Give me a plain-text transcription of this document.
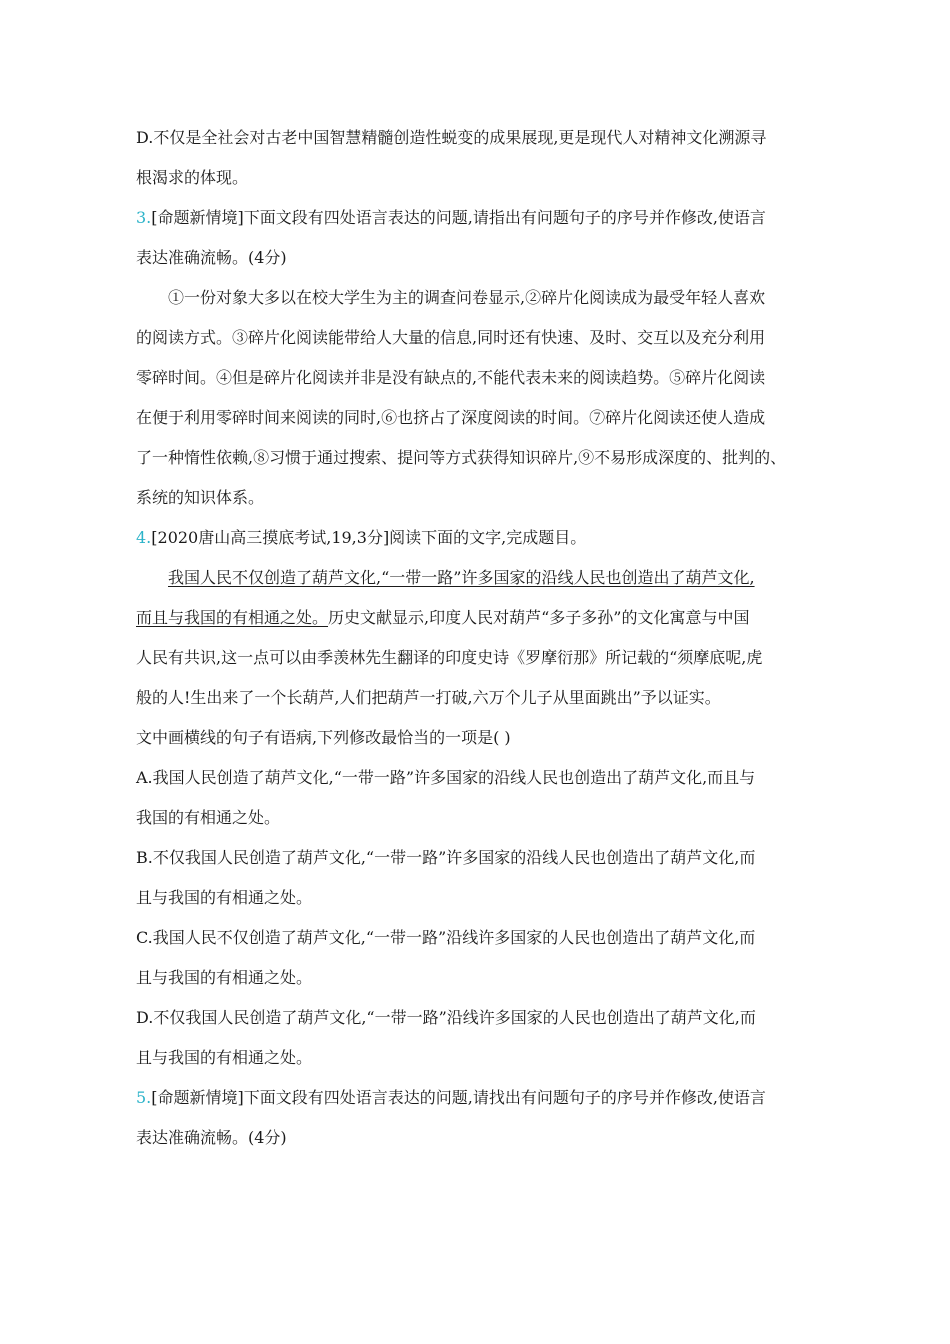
D.不仅是全社会对古老中国智慧精髓创造性蜕变的成果展现,更是现代人对精神文化溯源寻
根渴求的体现。
3.[命题新情境]下面文段有四处语言表达的问题,请指出有问题句子的序号并作修改,使语言
表达准确流畅。(4分)
①一份对象大多以在校大学生为主的调查问卷显示,②碎片化阅读成为最受年轻人喜欢
的阅读方式。③碎片化阅读能带给人大量的信息,同时还有快速、及时、交互以及充分利用
零碎时间。④但是碎片化阅读并非是没有缺点的,不能代表未来的阅读趋势。⑤碎片化阅读
在便于利用零碎时间来阅读的同时,⑥也挤占了深度阅读的时间。⑦碎片化阅读还使人造成
了一种惰性依赖,⑧习惯于通过搜索、提问等方式获得知识碎片,⑨不易形成深度的、批判的、
系统的知识体系。
4.[2020唐山高三摸底考试,19,3分]阅读下面的文字,完成题目。
我国人民不仅创造了葫芦文化,“一带一路”许多国家的沿线人民也创造出了葫芦文化,
而且与我国的有相通之处。历史文献显示,印度人民对葫芦“多子多孙”的文化寓意与中国
人民有共识,这一点可以由季羡林先生翻译的印度史诗《罗摩衍那》所记载的“须摩底呢,虎
般的人!生出来了一个长葫芦,人们把葫芦一打破,六万个儿子从里面跳出”予以证实。
文中画横线的句子有语病,下列修改最恰当的一项是( )
A.我国人民创造了葫芦文化,“一带一路”许多国家的沿线人民也创造出了葫芦文化,而且与
我国的有相通之处。
B.不仅我国人民创造了葫芦文化,“一带一路”许多国家的沿线人民也创造出了葫芦文化,而
且与我国的有相通之处。
C.我国人民不仅创造了葫芦文化,“一带一路”沿线许多国家的人民也创造出了葫芦文化,而
且与我国的有相通之处。
D.不仅我国人民创造了葫芦文化,“一带一路”沿线许多国家的人民也创造出了葫芦文化,而
且与我国的有相通之处。
5.[命题新情境]下面文段有四处语言表达的问题,请找出有问题句子的序号并作修改,使语言
表达准确流畅。(4分)
